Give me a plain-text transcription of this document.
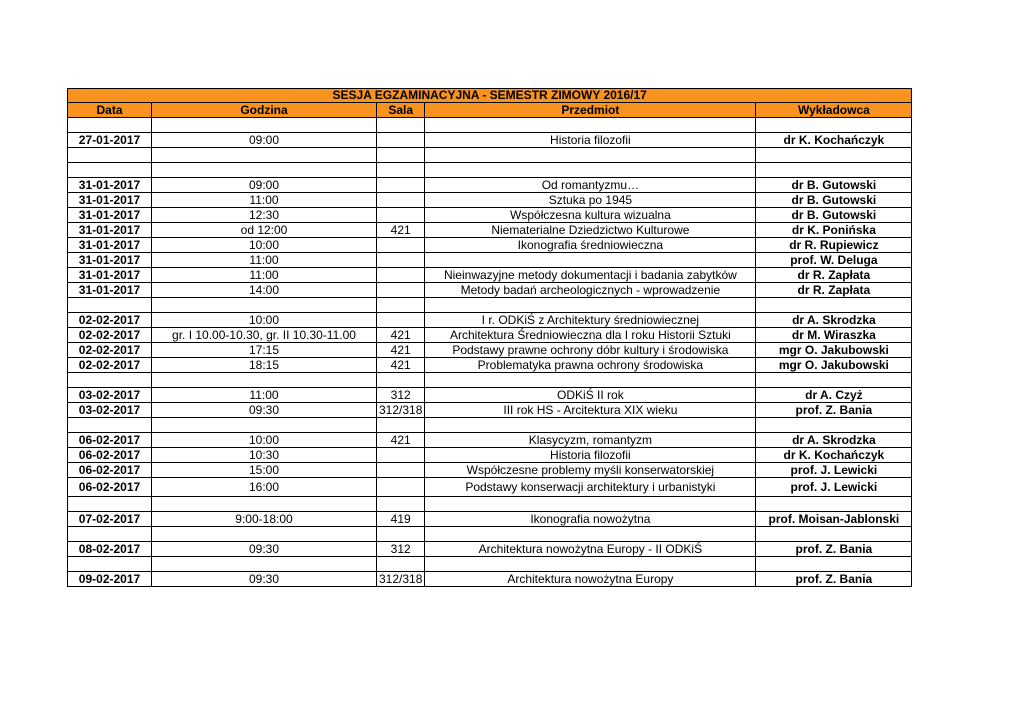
SESJA EGZAMINACYJNA - SEMESTR ZIMOWY 2016/17				
Data	Godzina	Sala	Przedmiot	Wykładowca

27-01-2017	09:00		Historia filozofii	dr K. Kochańczyk

31-01-2017	09:00		Od romantyzmu…	dr B. Gutowski
31-01-2017	11:00		Sztuka po 1945	dr B. Gutowski
31-01-2017	12:30		Współczesna kultura wizualna	dr B. Gutowski
31-01-2017	od 12:00	421	Niematerialne Dziedzictwo Kulturowe	dr K. Ponińska
31-01-2017	10:00		Ikonografia średniowieczna	dr R. Rupiewicz
31-01-2017	11:00			prof. W. Deluga
31-01-2017	11:00		Nieinwazyjne metody dokumentacji i badania zabytków	dr R. Zapłata
31-01-2017	14:00		Metody badań archeologicznych - wprowadzenie	dr R. Zapłata

02-02-2017	10:00		I r. ODKiŚ z Architektury średniowiecznej	dr A. Skrodzka
02-02-2017	gr. I 10.00-10.30, gr. II 10.30-11.00	421	Architektura Średniowieczna dla I roku Historii Sztuki	dr M. Wiraszka
02-02-2017	17:15	421	Podstawy prawne ochrony dóbr kultury i środowiska	mgr O. Jakubowski
02-02-2017	18:15	421	Problematyka prawna ochrony środowiska	mgr O. Jakubowski

03-02-2017	11:00	312	ODKiŚ II rok	dr A. Czyż
03-02-2017	09:30	312/318	III rok HS - Arcitektura XIX wieku	prof. Z. Bania

06-02-2017	10:00	421	Klasycyzm, romantyzm	dr A. Skrodzka
06-02-2017	10:30		Historia filozofii	dr K. Kochańczyk
06-02-2017	15:00		Współczesne problemy myśli konserwatorskiej	prof. J. Lewicki
06-02-2017	16:00		Podstawy konserwacji architektury i urbanistyki	prof. J. Lewicki

07-02-2017	9:00-18:00	419	Ikonografia nowożytna	prof. Moisan-Jablonski

08-02-2017	09:30	312	Architektura nowożytna Europy - II ODKiŚ	prof. Z. Bania

09-02-2017	09:30	312/318	Architektura nowożytna Europy	prof. Z. Bania
